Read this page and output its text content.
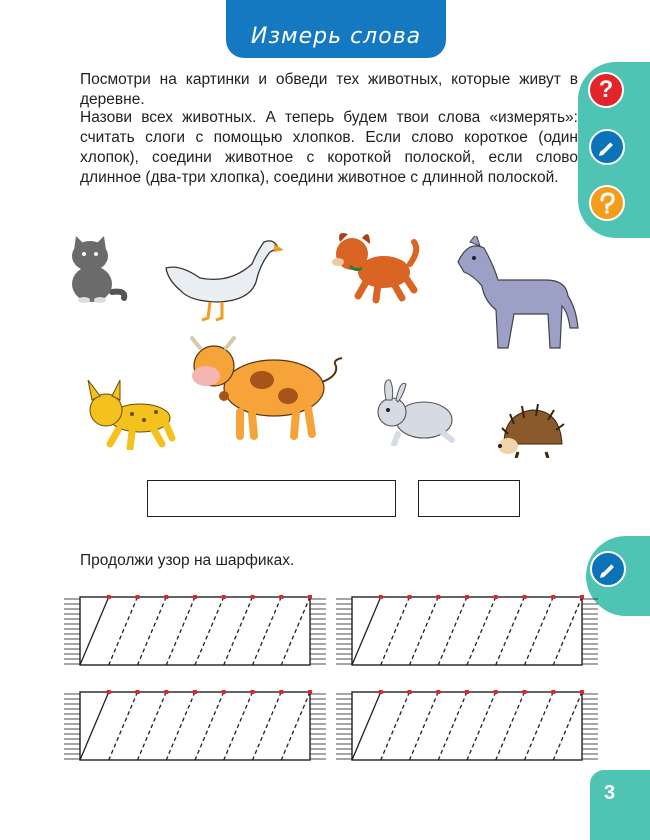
Измерь слова
?

Посмотри на картинки и обведи тех животных, которые живут в деревне.

Назови всех животных. А теперь будем твои слова «измерять»: считать слоги с помощью хлопков. Если слово короткое (один хлопок), соедини животное с короткой полоской, если слово длинное (два-три хлопка), соедини животное с длинной полоской.

Продолжи узор на шарфиках.
3
